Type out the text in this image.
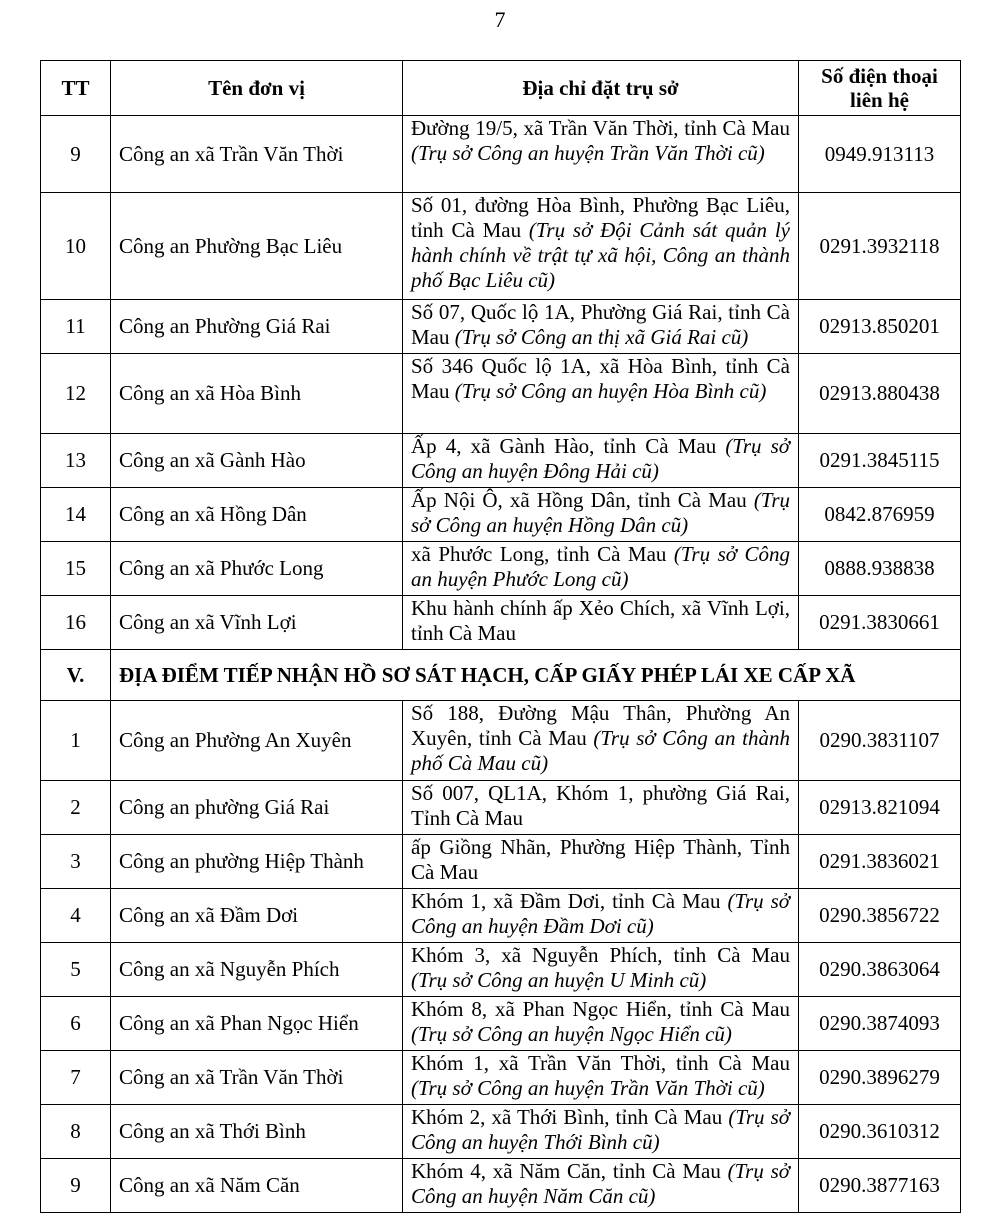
7
TT	Tên đơn vị	Địa chỉ đặt trụ sở	Số điện thoại liên hệ
9	Công an xã Trần Văn Thời	Đường 19/5, xã Trần Văn Thời, tỉnh Cà Mau (Trụ sở Công an huyện Trần Văn Thời cũ)	0949.913113
10	Công an Phường Bạc Liêu	Số 01, đường Hòa Bình, Phường Bạc Liêu, tỉnh Cà Mau (Trụ sở Đội Cảnh sát quản lý hành chính về trật tự xã hội, Công an thành phố Bạc Liêu cũ)	0291.3932118
11	Công an Phường Giá Rai	Số 07, Quốc lộ 1A, Phường Giá Rai, tỉnh Cà Mau (Trụ sở Công an thị xã Giá Rai cũ)	02913.850201
12	Công an xã Hòa Bình	Số 346 Quốc lộ 1A, xã Hòa Bình, tỉnh Cà Mau (Trụ sở Công an huyện Hòa Bình cũ)	02913.880438
13	Công an xã Gành Hào	Ấp 4, xã Gành Hào, tỉnh Cà Mau (Trụ sở Công an huyện Đông Hải cũ)	0291.3845115
14	Công an xã Hồng Dân	Ấp Nội Ô, xã Hồng Dân, tỉnh Cà Mau (Trụ sở Công an huyện Hồng Dân cũ)	0842.876959
15	Công an xã Phước Long	xã Phước Long, tỉnh Cà Mau (Trụ sở Công an huyện Phước Long cũ)	0888.938838
16	Công an xã Vĩnh Lợi	Khu hành chính ấp Xẻo Chích, xã Vĩnh Lợi, tỉnh Cà Mau	0291.3830661
V.	ĐỊA ĐIỂM TIẾP NHẬN HỒ SƠ SÁT HẠCH, CẤP GIẤY PHÉP LÁI XE CẤP XÃ		
1	Công an Phường An Xuyên	Số 188, Đường Mậu Thân, Phường An Xuyên, tỉnh Cà Mau (Trụ sở Công an thành phố Cà Mau cũ)	0290.3831107
2	Công an phường Giá Rai	Số 007, QL1A, Khóm 1, phường Giá Rai, Tỉnh Cà Mau	02913.821094
3	Công an phường Hiệp Thành	ấp Giồng Nhãn, Phường Hiệp Thành, Tỉnh Cà Mau	0291.3836021
4	Công an xã Đầm Dơi	Khóm 1, xã Đầm Dơi, tỉnh Cà Mau (Trụ sở Công an huyện Đầm Dơi cũ)	0290.3856722
5	Công an xã Nguyễn Phích	Khóm 3, xã Nguyễn Phích, tỉnh Cà Mau (Trụ sở Công an huyện U Minh cũ)	0290.3863064
6	Công an xã Phan Ngọc Hiển	Khóm 8, xã Phan Ngọc Hiển, tỉnh Cà Mau (Trụ sở Công an huyện Ngọc Hiển cũ)	0290.3874093
7	Công an xã Trần Văn Thời	Khóm 1, xã Trần Văn Thời, tỉnh Cà Mau (Trụ sở Công an huyện Trần Văn Thời cũ)	0290.3896279
8	Công an xã Thới Bình	Khóm 2, xã Thới Bình, tỉnh Cà Mau (Trụ sở Công an huyện Thới Bình cũ)	0290.3610312
9	Công an xã Năm Căn	Khóm 4, xã Năm Căn, tỉnh Cà Mau (Trụ sở Công an huyện Năm Căn cũ)	0290.3877163
